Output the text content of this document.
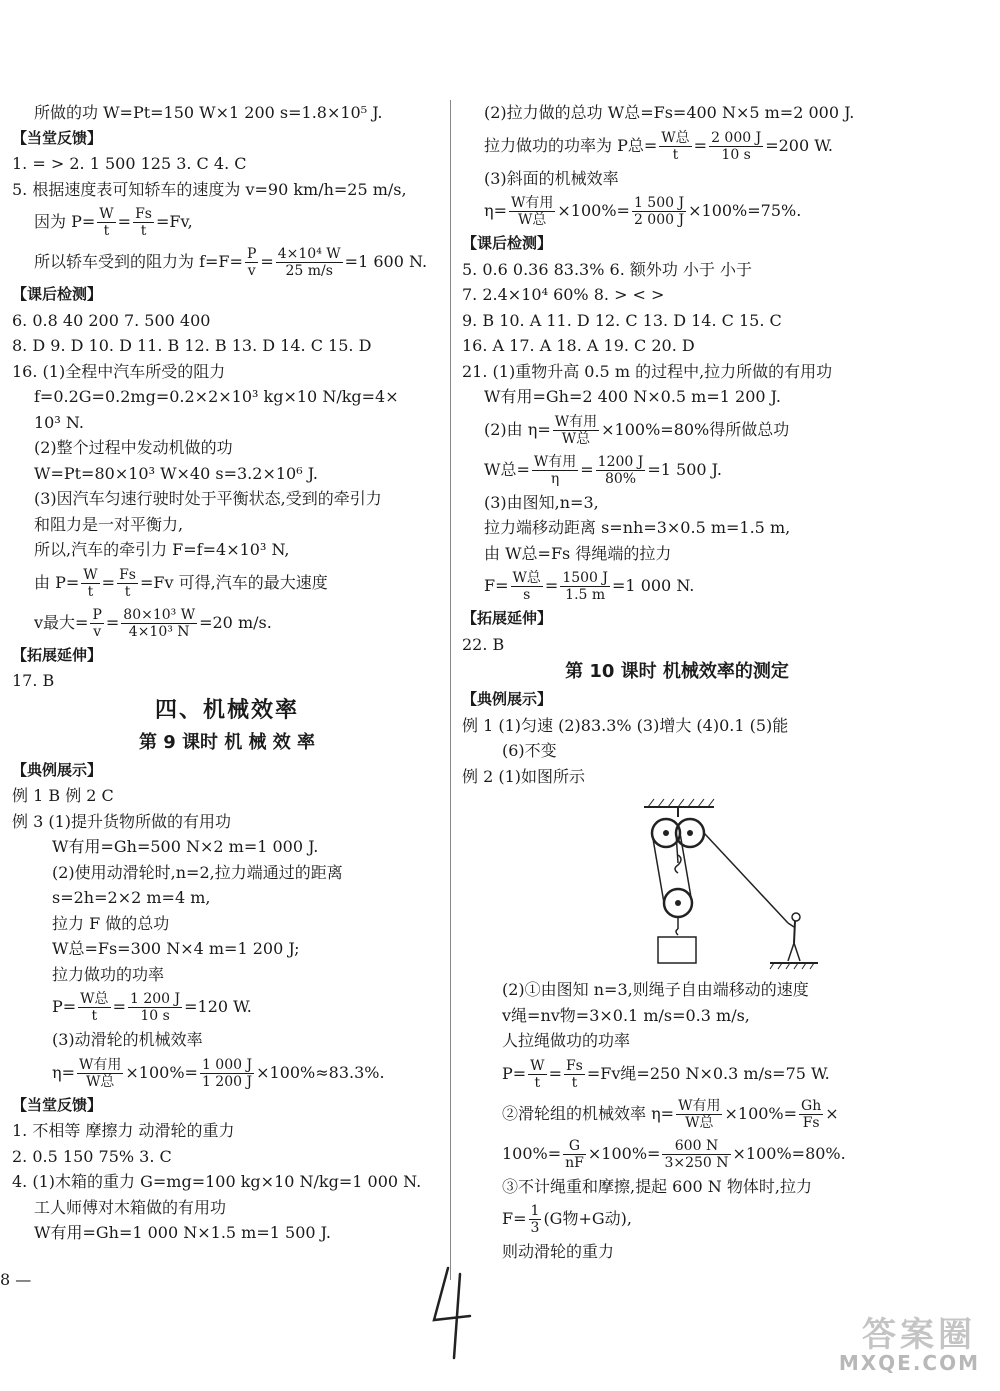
所做的功 W=Pt=150 W×1 200 s=1.8×10⁵ J.
【当堂反馈】
1. = > 2. 1 500 125 3. C 4. C
5. 根据速度表可知轿车的速度为 v=90 km/h=25 m/s,
因为 $P= \frac{W}{t} = \frac{Fs}{t} =Fv$,
所以轿车受到的阻力为 $f=F= \frac{P}{v} = \frac{\text{4×10⁴ W}}{25 m/s} =1$ 600 N.
【课后检测】
6. 0.8 40 200 7. 500 400
8. D 9. D 10. D 11. B 12. B 13. D 14. C 15. D
16. (1)全程中汽车所受的阻力
f=0.2G=0.2mg=0.2×2×10³ kg×10 N/kg=4×
10³ N.
(2)整个过程中发动机做的功
W=Pt=80×10³ W×40 s=3.2×10⁶ J.
(3)因汽车匀速行驶时处于平衡状态,受到的牵引力
和阻力是一对平衡力,
所以,汽车的牵引力 F=f=4×10³ N,
由 $P= \frac{W}{t} = \frac{Fs}{t} =Fv$ 可得,汽车的最大速度
v最大= $\frac{P}{v} = \frac{\text{80×10³ W}}{\text{4×10³ N}} =20$ m/s.
【拓展延伸】
17. B
四、机械效率
第 9 课时 机 械 效 率
【典例展示】
例 1 B 例 2 C
例 3 (1)提升货物所做的有用功
W有用=Gh=500 N×2 m=1 000 J.
(2)使用动滑轮时,n=2,拉力端通过的距离
s=2h=2×2 m=4 m,
拉力 F 做的总功
W总=Fs=300 N×4 m=1 200 J;
拉力做功的功率
$P= \frac{\text{W总}}{t} = \frac{1 200 J}{10 s} =120$ W.
(3)动滑轮的机械效率
$\eta= \frac{\text{W有用}}{\text{W总}} \times 100\%= \frac{1 000 J}{1 200 J} \times 100\%\approx 83.3\%$.
【当堂反馈】
1. 不相等 摩擦力 动滑轮的重力
2. 0.5 150 75% 3. C
4. (1)木箱的重力 G=mg=100 kg×10 N/kg=1 000 N.
工人师傅对木箱做的有用功
W有用=Gh=1 000 N×1.5 m=1 500 J.
(2)拉力做的总功 W总=Fs=400 N×5 m=2 000 J.
拉力做功的功率为 P总= $\frac{\text{W总}}{t} = \frac{2 000 J}{10 s} =200$ W.
(3)斜面的机械效率
$\eta= \frac{\text{W有用}}{\text{W总}} \times 100\%= \frac{1 500 J}{2 000 J} \times 100\%=75\%$.
【课后检测】
5. 0.6 0.36 83.3% 6. 额外功 小于 小于
7. 2.4×10⁴ 60% 8. > < >
9. B 10. A 11. D 12. C 13. D 14. C 15. C
16. A 17. A 18. A 19. C 20. D
21. (1)重物升高 0.5 m 的过程中,拉力所做的有用功
W有用=Gh=2 400 N×0.5 m=1 200 J.
(2)由 $\eta= \frac{\text{W有用}}{\text{W总}} \times 100\%=80\%$得所做总功
W总= $\frac{\text{W有用}}{\eta} = \frac{1200 J}{80\%} =1$ 500 J.
(3)由图知,n=3,
拉力端移动距离 s=nh=3×0.5 m=1.5 m,
由 W总=Fs 得绳端的拉力
$F= \frac{\text{W总}}{s} = \frac{1500 J}{1.5 m} =1$ 000 N.
【拓展延伸】
22. B
第 10 课时 机械效率的测定
【典例展示】
例 1 (1)匀速 (2)83.3% (3)增大 (4)0.1 (5)能
(6)不变
例 2 (1)如图所示
(2)①由图知 n=3,则绳子自由端移动的速度
v绳=nv物=3×0.1 m/s=0.3 m/s,
人拉绳做功的功率
$P= \frac{W}{t} = \frac{Fs}{t} =Fv$绳=250 N×0.3 m/s=75 W.
②滑轮组的机械效率 $\eta= \frac{\text{W有用}}{\text{W总}} \times 100\%= \frac{Gh}{Fs}$ ×
$100\%= \frac{G}{nF} \times 100\%= \frac{600 N}{3\times 250 N} \times 100\%=80\%$.
③不计绳重和摩擦,提起 600 N 物体时,拉力
$F= \frac{1}{3} (G$物+G动),
则动滑轮的重力
8 —
答案圈
MXQE.COM
